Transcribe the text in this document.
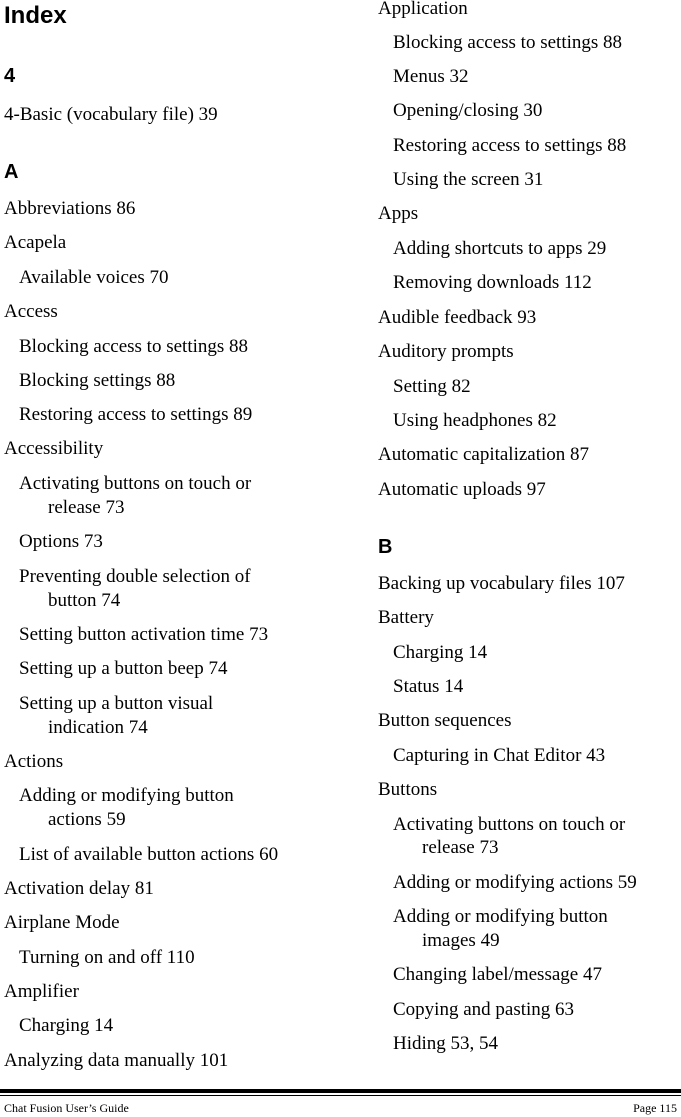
Index
4
4-Basic (vocabulary file) 39
A
Abbreviations 86
Acapela
Available voices 70
Access
Blocking access to settings 88
Blocking settings 88
Restoring access to settings 89
Accessibility
Activating buttons on touch or
release 73
Options 73
Preventing double selection of
button 74
Setting button activation time 73
Setting up a button beep 74
Setting up a button visual
indication 74
Actions
Adding or modifying button
actions 59
List of available button actions 60
Activation delay 81
Airplane Mode
Turning on and off 110
Amplifier
Charging 14
Analyzing data manually 101
Application
Blocking access to settings 88
Menus 32
Opening/closing 30
Restoring access to settings 88
Using the screen 31
Apps
Adding shortcuts to apps 29
Removing downloads 112
Audible feedback 93
Auditory prompts
Setting 82
Using headphones 82
Automatic capitalization 87
Automatic uploads 97
B
Backing up vocabulary files 107
Battery
Charging 14
Status 14
Button sequences
Capturing in Chat Editor 43
Buttons
Activating buttons on touch or
release 73
Adding or modifying actions 59
Adding or modifying button
images 49
Changing label/message 47
Copying and pasting 63
Hiding 53, 54
Chat Fusion User’s Guide	Page 115
